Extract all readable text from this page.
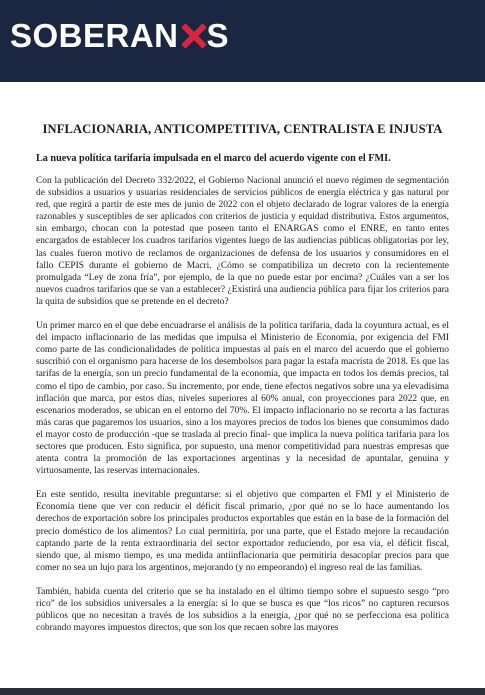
SOBERAN S
INFLACIONARIA, ANTICOMPETITIVA, CENTRALISTA E INJUSTA
La nueva política tarifaria impulsada en el marco del acuerdo vigente con el FMI.

Con la publicación del Decreto 332/2022, el Gobierno Nacional anunció el nuevo régimen de segmentación de subsidios a usuarios y usuarias residenciales de servicios públicos de energía eléctrica y gas natural por red, que regirá a partir de este mes de junio de 2022 con el objeto declarado de lograr valores de la energía razonables y susceptibles de ser aplicados con criterios de justicia y equidad distributiva. Estos argumentos, sin embargo, chocan con la potestad que poseen tanto el ENARGAS como el ENRE, en tanto entes encargados de establecer los cuadros tarifarios vigentes luego de las audiencias públicas obligatorias por ley, las cuales fueron motivo de reclamos de organizaciones de defensa de los usuarios y consumidores en el fallo CEPIS durante el gobierno de Macri. ¿Cómo se compatibiliza un decreto con la recientemente promulgada “Ley de zona fría”, por ejemplo, de la que no puede estar por encima? ¿Cuáles van a ser los nuevos cuadros tarifarios que se van a establecer? ¿Existirá una audiencia pública para fijar los criterios para la quita de subsidios que se pretende en el decreto?

Un primer marco en el que debe encuadrarse el análisis de la política tarifaria, dada la coyuntura actual, es el del impacto inflacionario de las medidas que impulsa el Ministerio de Economía, por exigencia del FMI como parte de las condicionalidades de política impuestas al país en el marco del acuerdo que el gobierno suscribió con el organismo para hacerse de los desembolsos para pagar la estafa macrista de 2018. Es que las tarifas de la energía, son un precio fundamental de la economía, que impacta en todos los demás precios, tal como el tipo de cambio, por caso. Su incremento, por ende, tiene efectos negativos sobre una ya elevadísima inflación que marca, por estos días, niveles superiores al 60% anual, con proyecciones para 2022 que, en escenarios moderados, se ubican en el entorno del 70%. El impacto inflacionario no se recorta a las facturas más caras que pagaremos los usuarios, sino a los mayores precios de todos los bienes que consumimos dado el mayor costo de producción -que se traslada al precio final- que implica la nueva política tarifaria para los sectores que producen. Esto significa, por supuesto, una menor competitividad para nuestras empresas que atenta contra la promoción de las exportaciones argentinas y la necesidad de apuntalar, genuina y virtuosamente, las reservas internacionales.

En este sentido, resulta inevitable preguntarse: si el objetivo que comparten el FMI y el Ministerio de Economía tiene que ver con reducir el déficit fiscal primario, ¿por qué no se lo hace aumentando los derechos de exportación sobre los principales productos exportables que están en la base de la formación del precio doméstico de los alimentos? Lo cual permitiría, por una parte, que el Estado mejore la recaudación captando parte de la renta extraordinaria del sector exportador reduciendo, por esa vía, el déficit fiscal, siendo que, al mismo tiempo, es una medida antiinflacionaria que permitiría desacoplar precios para que comer no sea un lujo para los argentinos, mejorando (y no empeorando) el ingreso real de las familias.

También, habida cuenta del criterio que se ha instalado en el último tiempo sobre el supuesto sesgo “pro rico” de los subsidios universales a la energía: si lo que se busca es que “los ricos” no capturen recursos públicos que no necesitan a través de los subsidios a la energía, ¿por qué no se perfecciona esa política cobrando mayores impuestos directos, que son los que recaen sobre las mayores
